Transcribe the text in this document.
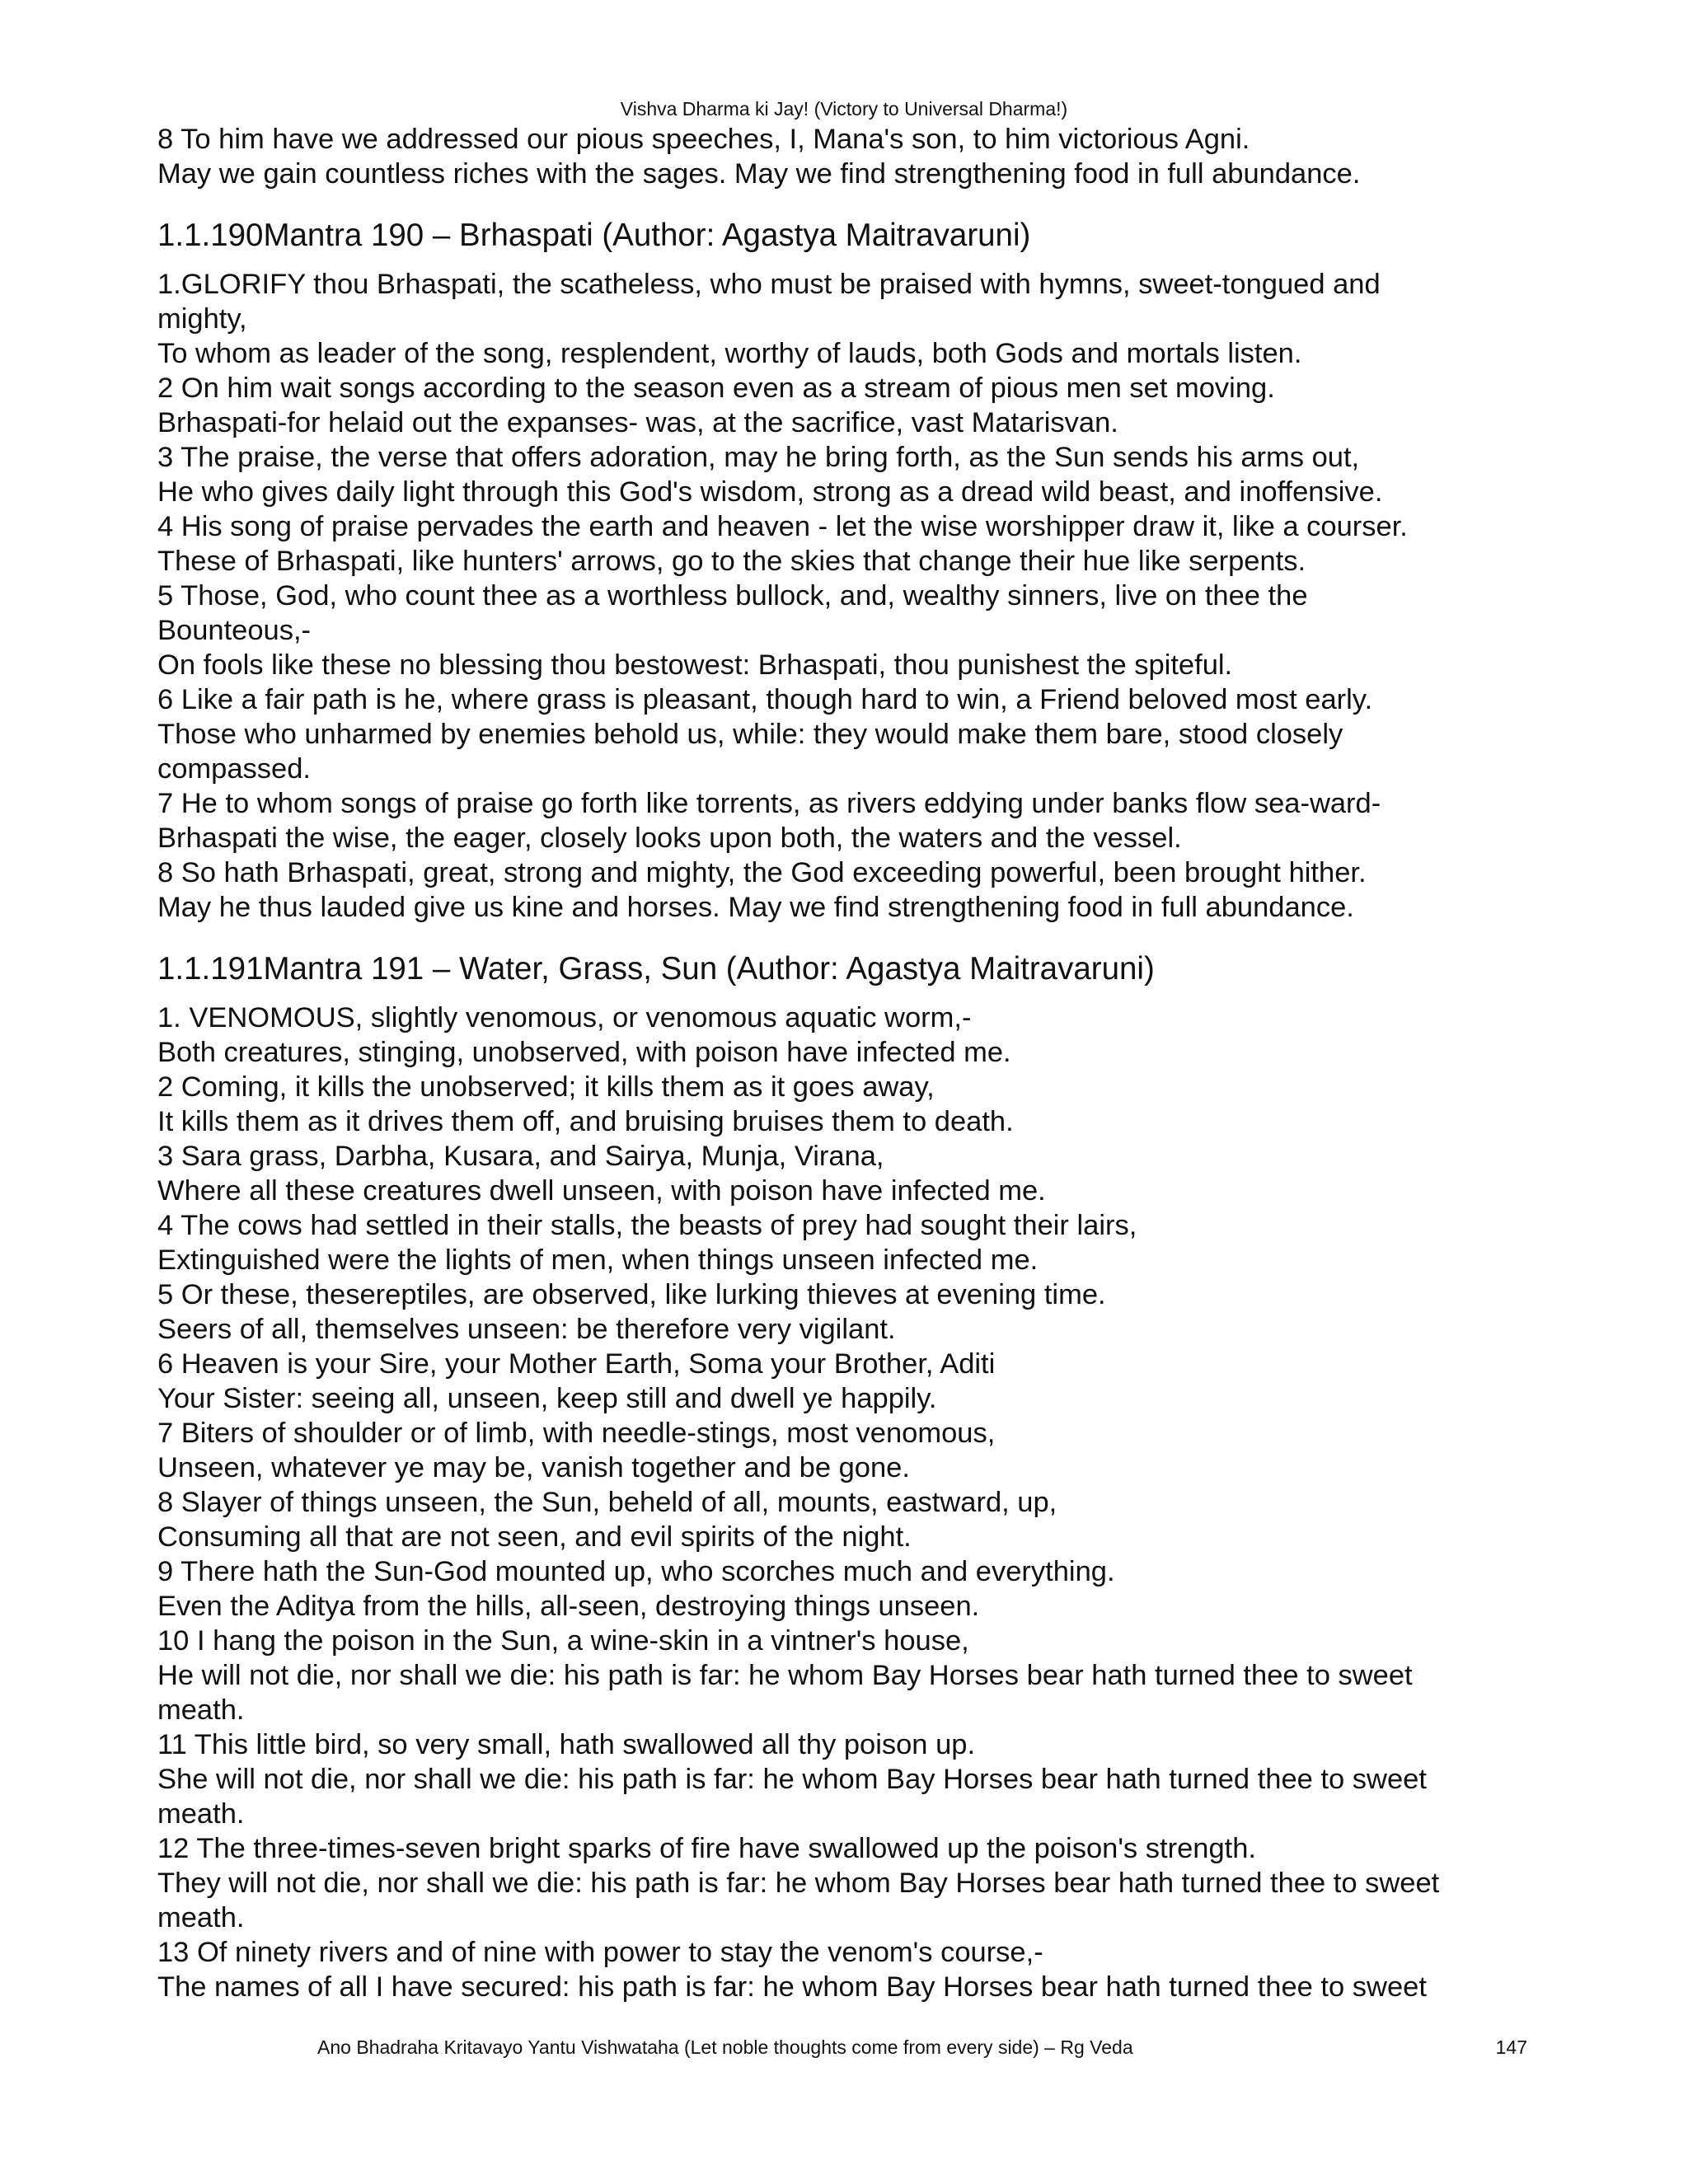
Vishva Dharma ki Jay! (Victory to Universal Dharma!)
8 To him have we addressed our pious speeches, I, Mana's son, to him victorious Agni.
May we gain countless riches with the sages. May we find strengthening food in full abundance.
1.1.190Mantra 190 – Brhaspati (Author: Agastya Maitravaruni)
1.GLORIFY thou Brhaspati, the scatheless, who must be praised with hymns, sweet-tongued and
mighty,
To whom as leader of the song, resplendent, worthy of lauds, both Gods and mortals listen.
2 On him wait songs according to the season even as a stream of pious men set moving.
Brhaspati-for helaid out the expanses- was, at the sacrifice, vast Matarisvan.
3 The praise, the verse that offers adoration, may he bring forth, as the Sun sends his arms out,
He who gives daily light through this God's wisdom, strong as a dread wild beast, and inoffensive.
4 His song of praise pervades the earth and heaven - let the wise worshipper draw it, like a courser.
These of Brhaspati, like hunters' arrows, go to the skies that change their hue like serpents.
5 Those, God, who count thee as a worthless bullock, and, wealthy sinners, live on thee the
Bounteous,-
On fools like these no blessing thou bestowest: Brhaspati, thou punishest the spiteful.
6 Like a fair path is he, where grass is pleasant, though hard to win, a Friend beloved most early.
Those who unharmed by enemies behold us, while: they would make them bare, stood closely
compassed.
7 He to whom songs of praise go forth like torrents, as rivers eddying under banks flow sea-ward-
Brhaspati the wise, the eager, closely looks upon both, the waters and the vessel.
8 So hath Brhaspati, great, strong and mighty, the God exceeding powerful, been brought hither.
May he thus lauded give us kine and horses. May we find strengthening food in full abundance.
1.1.191Mantra 191 – Water, Grass, Sun (Author: Agastya Maitravaruni)
1. VENOMOUS, slightly venomous, or venomous aquatic worm,-
Both creatures, stinging, unobserved, with poison have infected me.
2 Coming, it kills the unobserved; it kills them as it goes away,
It kills them as it drives them off, and bruising bruises them to death.
3 Sara grass, Darbha, Kusara, and Sairya, Munja, Virana,
Where all these creatures dwell unseen, with poison have infected me.
4 The cows had settled in their stalls, the beasts of prey had sought their lairs,
Extinguished were the lights of men, when things unseen infected me.
5 Or these, thesereptiles, are observed, like lurking thieves at evening time.
Seers of all, themselves unseen: be therefore very vigilant.
6 Heaven is your Sire, your Mother Earth, Soma your Brother, Aditi
Your Sister: seeing all, unseen, keep still and dwell ye happily.
7 Biters of shoulder or of limb, with needle-stings, most venomous,
Unseen, whatever ye may be, vanish together and be gone.
8 Slayer of things unseen, the Sun, beheld of all, mounts, eastward, up,
Consuming all that are not seen, and evil spirits of the night.
9 There hath the Sun-God mounted up, who scorches much and everything.
Even the Aditya from the hills, all-seen, destroying things unseen.
10 I hang the poison in the Sun, a wine-skin in a vintner's house,
He will not die, nor shall we die: his path is far: he whom Bay Horses bear hath turned thee to sweet
meath.
11 This little bird, so very small, hath swallowed all thy poison up.
She will not die, nor shall we die: his path is far: he whom Bay Horses bear hath turned thee to sweet
meath.
12 The three-times-seven bright sparks of fire have swallowed up the poison's strength.
They will not die, nor shall we die: his path is far: he whom Bay Horses bear hath turned thee to sweet
meath.
13 Of ninety rivers and of nine with power to stay the venom's course,-
The names of all I have secured: his path is far: he whom Bay Horses bear hath turned thee to sweet
Ano Bhadraha Kritavayo Yantu Vishwataha (Let noble thoughts come from every side) – Rg Veda	147
